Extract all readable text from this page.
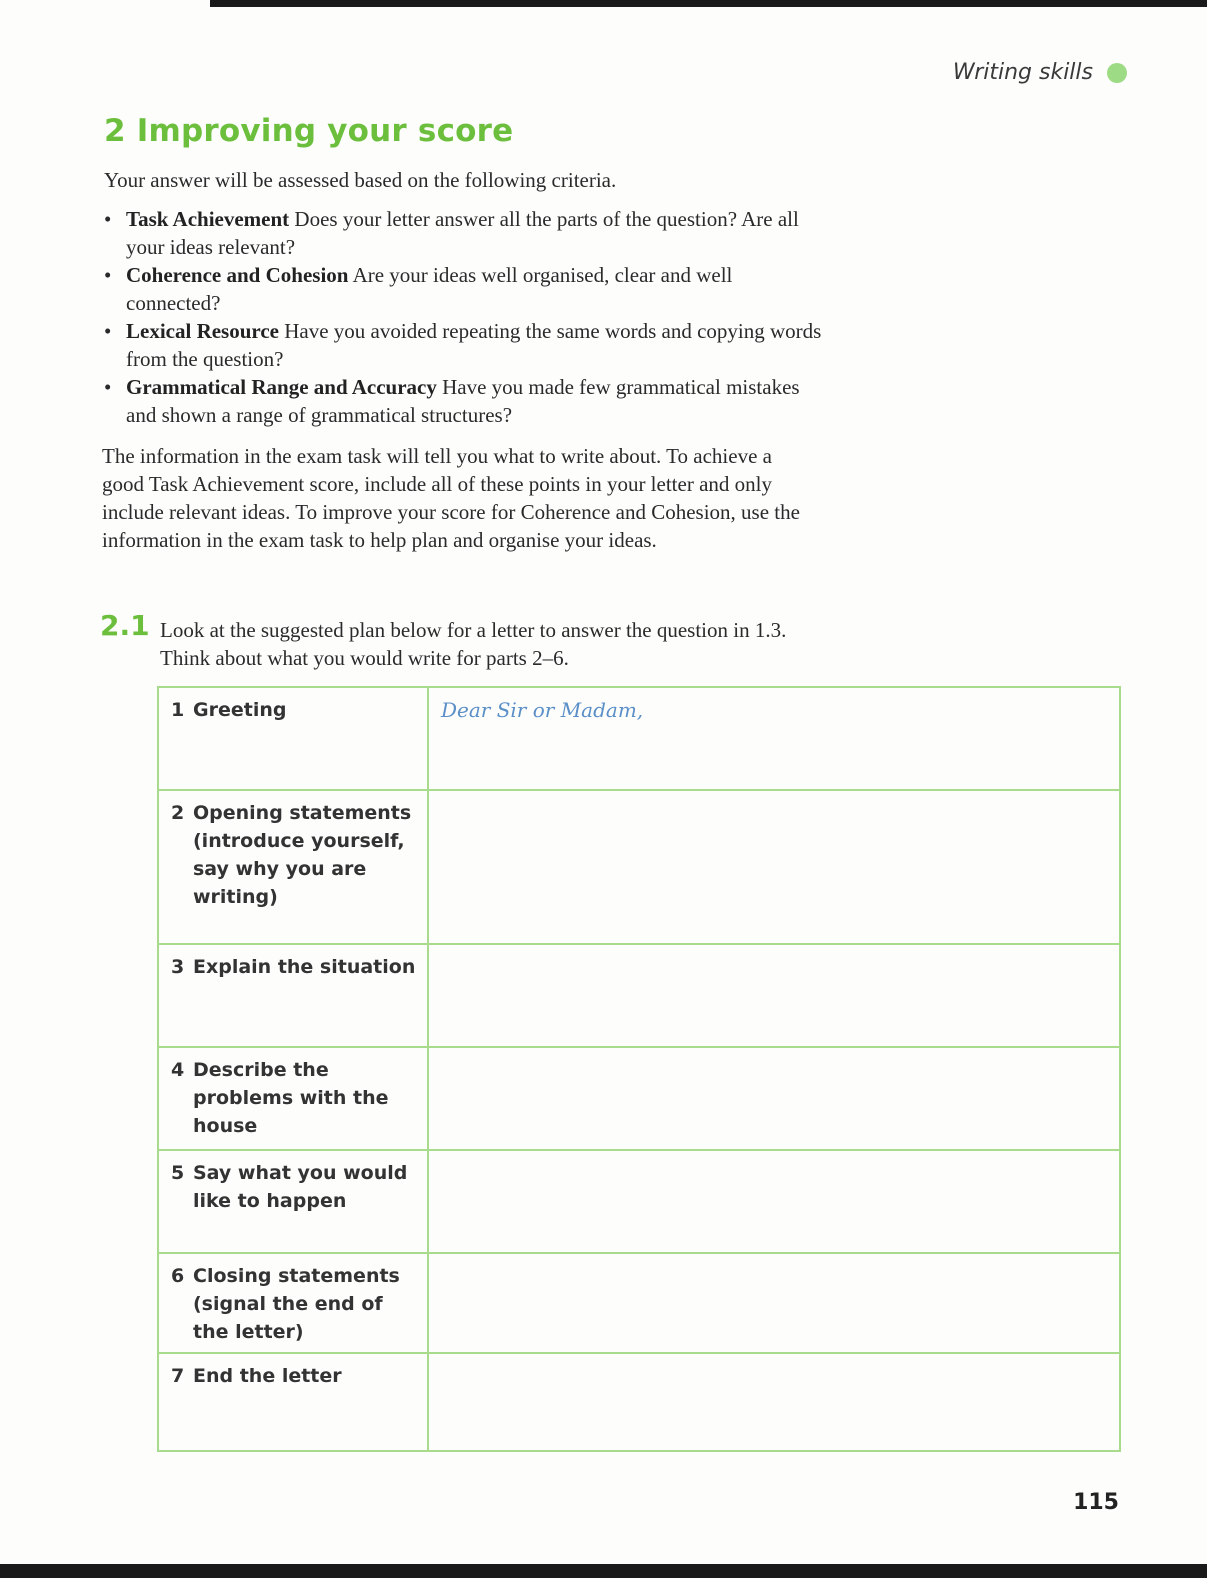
Writing skills
2 Improving your score

Your answer will be assessed based on the following criteria.

• Task Achievement Does your letter answer all the parts of the question? Are all your ideas relevant?
• Coherence and Cohesion Are your ideas well organised, clear and well connected?
• Lexical Resource Have you avoided repeating the same words and copying words from the question?
• Grammatical Range and Accuracy Have you made few grammatical mistakes and shown a range of grammatical structures?

The information in the exam task will tell you what to write about. To achieve a good Task Achievement score, include all of these points in your letter and only include relevant ideas. To improve your score for Coherence and Cohesion, use the information in the exam task to help plan and organise your ideas.

2.1 Look at the suggested plan below for a letter to answer the question in 1.3. Think about what you would write for parts 2–6.

1 Greeting	Dear Sir or Madam,

2 Opening statements (introduce yourself, say why you are writing)	

3 Explain the situation	

4 Describe the problems with the house	

5 Say what you would like to happen	

6 Closing statements (signal the end of the letter)	

7 End the letter	

115
